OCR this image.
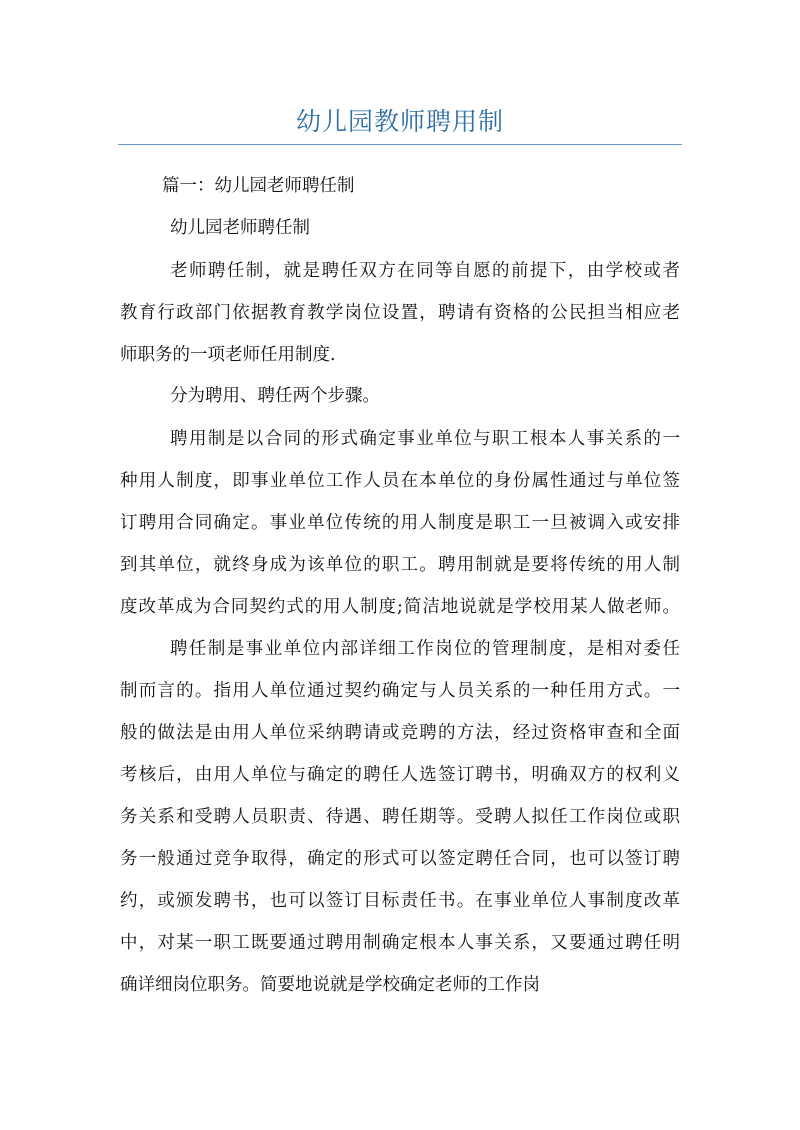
幼儿园教师聘用制

篇一：幼儿园老师聘任制

幼儿园老师聘任制

老师聘任制，就是聘任双方在同等自愿的前提下，由学校或者

教育行政部门依据教育教学岗位设置，聘请有资格的公民担当相应老

师职务的一项老师任用制度.

分为聘用、聘任两个步骤。

聘用制是以合同的形式确定事业单位与职工根本人事关系的一

种用人制度，即事业单位工作人员在本单位的身份属性通过与单位签

订聘用合同确定。事业单位传统的用人制度是职工一旦被调入或安排

到其单位，就终身成为该单位的职工。聘用制就是要将传统的用人制

度改革成为合同契约式的用人制度;简洁地说就是学校用某人做老师。

聘任制是事业单位内部详细工作岗位的管理制度，是相对委任

制而言的。指用人单位通过契约确定与人员关系的一种任用方式。一

般的做法是由用人单位采纳聘请或竞聘的方法，经过资格审查和全面

考核后，由用人单位与确定的聘任人选签订聘书，明确双方的权利义

务关系和受聘人员职责、待遇、聘任期等。受聘人拟任工作岗位或职

务一般通过竞争取得，确定的形式可以签定聘任合同，也可以签订聘

约，或颁发聘书，也可以签订目标责任书。在事业单位人事制度改革

中，对某一职工既要通过聘用制确定根本人事关系，又要通过聘任明

确详细岗位职务。简要地说就是学校确定老师的工作岗
